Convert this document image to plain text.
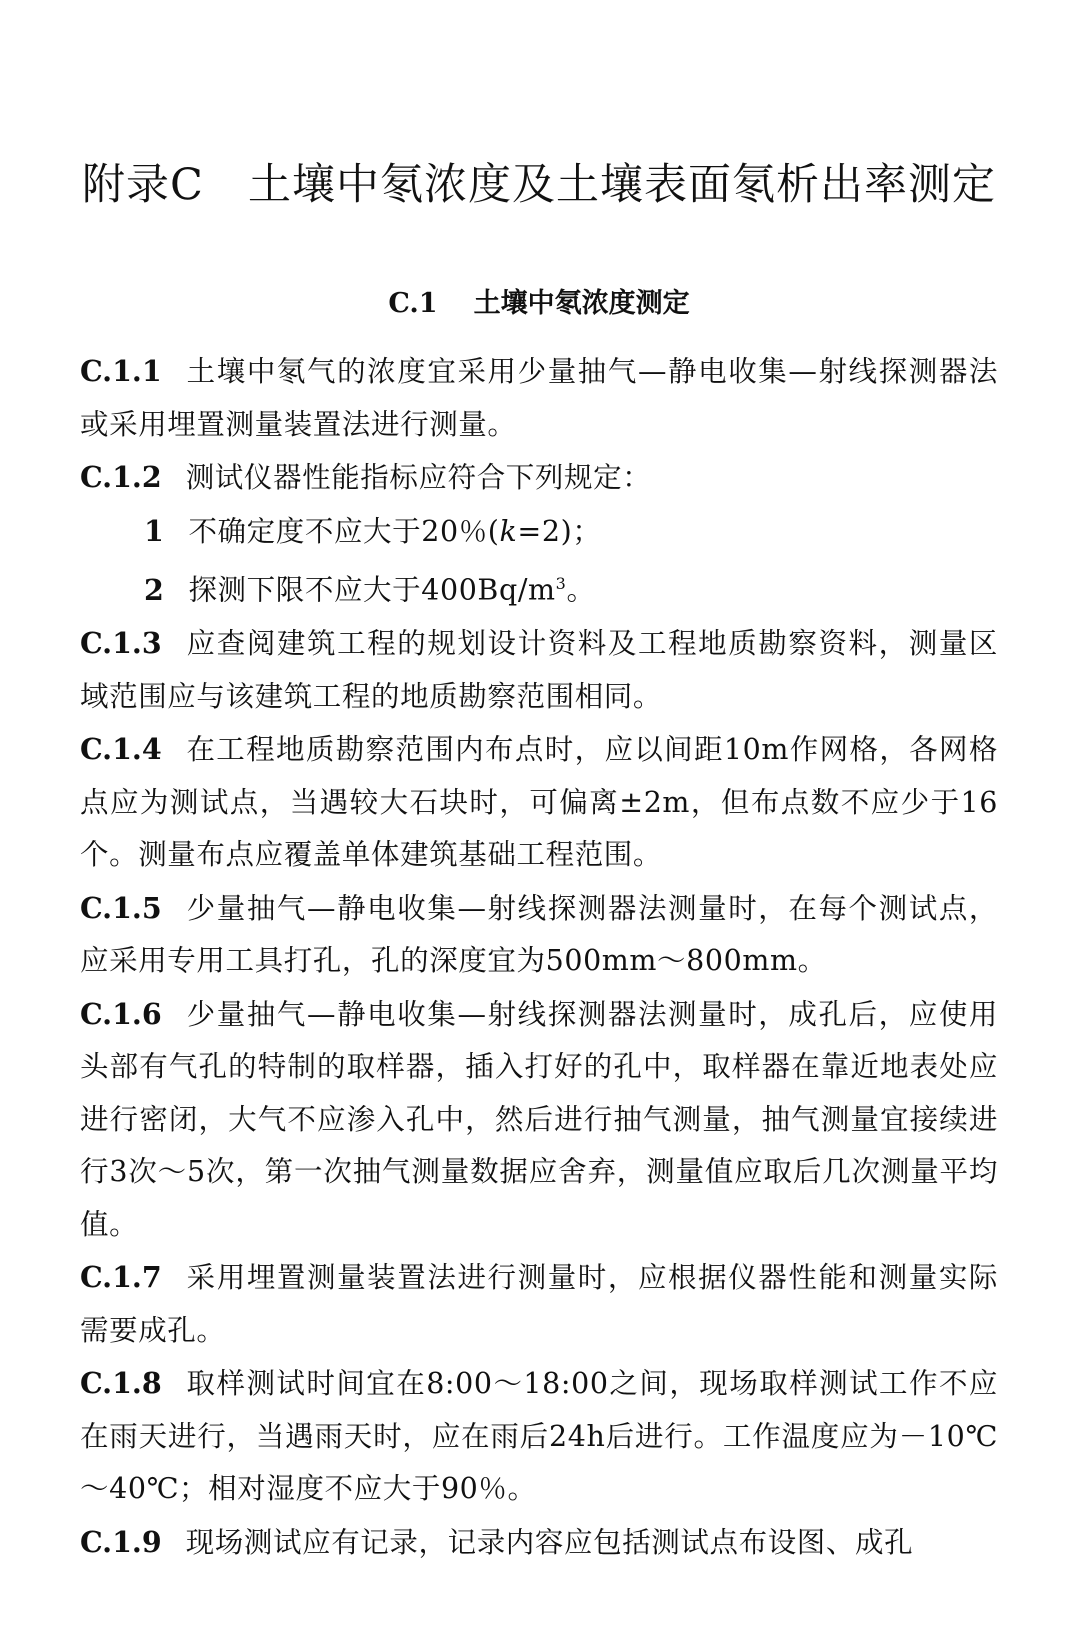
附录C 土壤中氡浓度及土壤表面氡析出率测定
C.1 土壤中氡浓度测定

C.1.1 土壤中氡气的浓度宜采用少量抽气—静电收集—射线探测器法或采用埋置测量装置法进行测量。

C.1.2 测试仪器性能指标应符合下列规定：

1 不确定度不应大于20％(k=2)；

2 探测下限不应大于$400Bq/m^3$。

C.1.3 应查阅建筑工程的规划设计资料及工程地质勘察资料，测量区域范围应与该建筑工程的地质勘察范围相同。

C.1.4 在工程地质勘察范围内布点时，应以间距10m作网格，各网格点应为测试点，当遇较大石块时，可偏离±2m，但布点数不应少于16个。测量布点应覆盖单体建筑基础工程范围。

C.1.5 少量抽气—静电收集—射线探测器法测量时，在每个测试点，应采用专用工具打孔，孔的深度宜为500mm～800mm。

C.1.6 少量抽气—静电收集—射线探测器法测量时，成孔后，应使用头部有气孔的特制的取样器，插入打好的孔中，取样器在靠近地表处应进行密闭，大气不应渗入孔中，然后进行抽气测量，抽气测量宜接续进行3次～5次，第一次抽气测量数据应舍弃，测量值应取后几次测量平均值。

C.1.7 采用埋置测量装置法进行测量时，应根据仪器性能和测量实际需要成孔。

C.1.8 取样测试时间宜在8:00～18:00之间，现场取样测试工作不应在雨天进行，当遇雨天时，应在雨后24h后进行。工作温度应为－10℃～40℃；相对湿度不应大于90％。

C.1.9 现场测试应有记录，记录内容应包括测试点布设图、成孔
